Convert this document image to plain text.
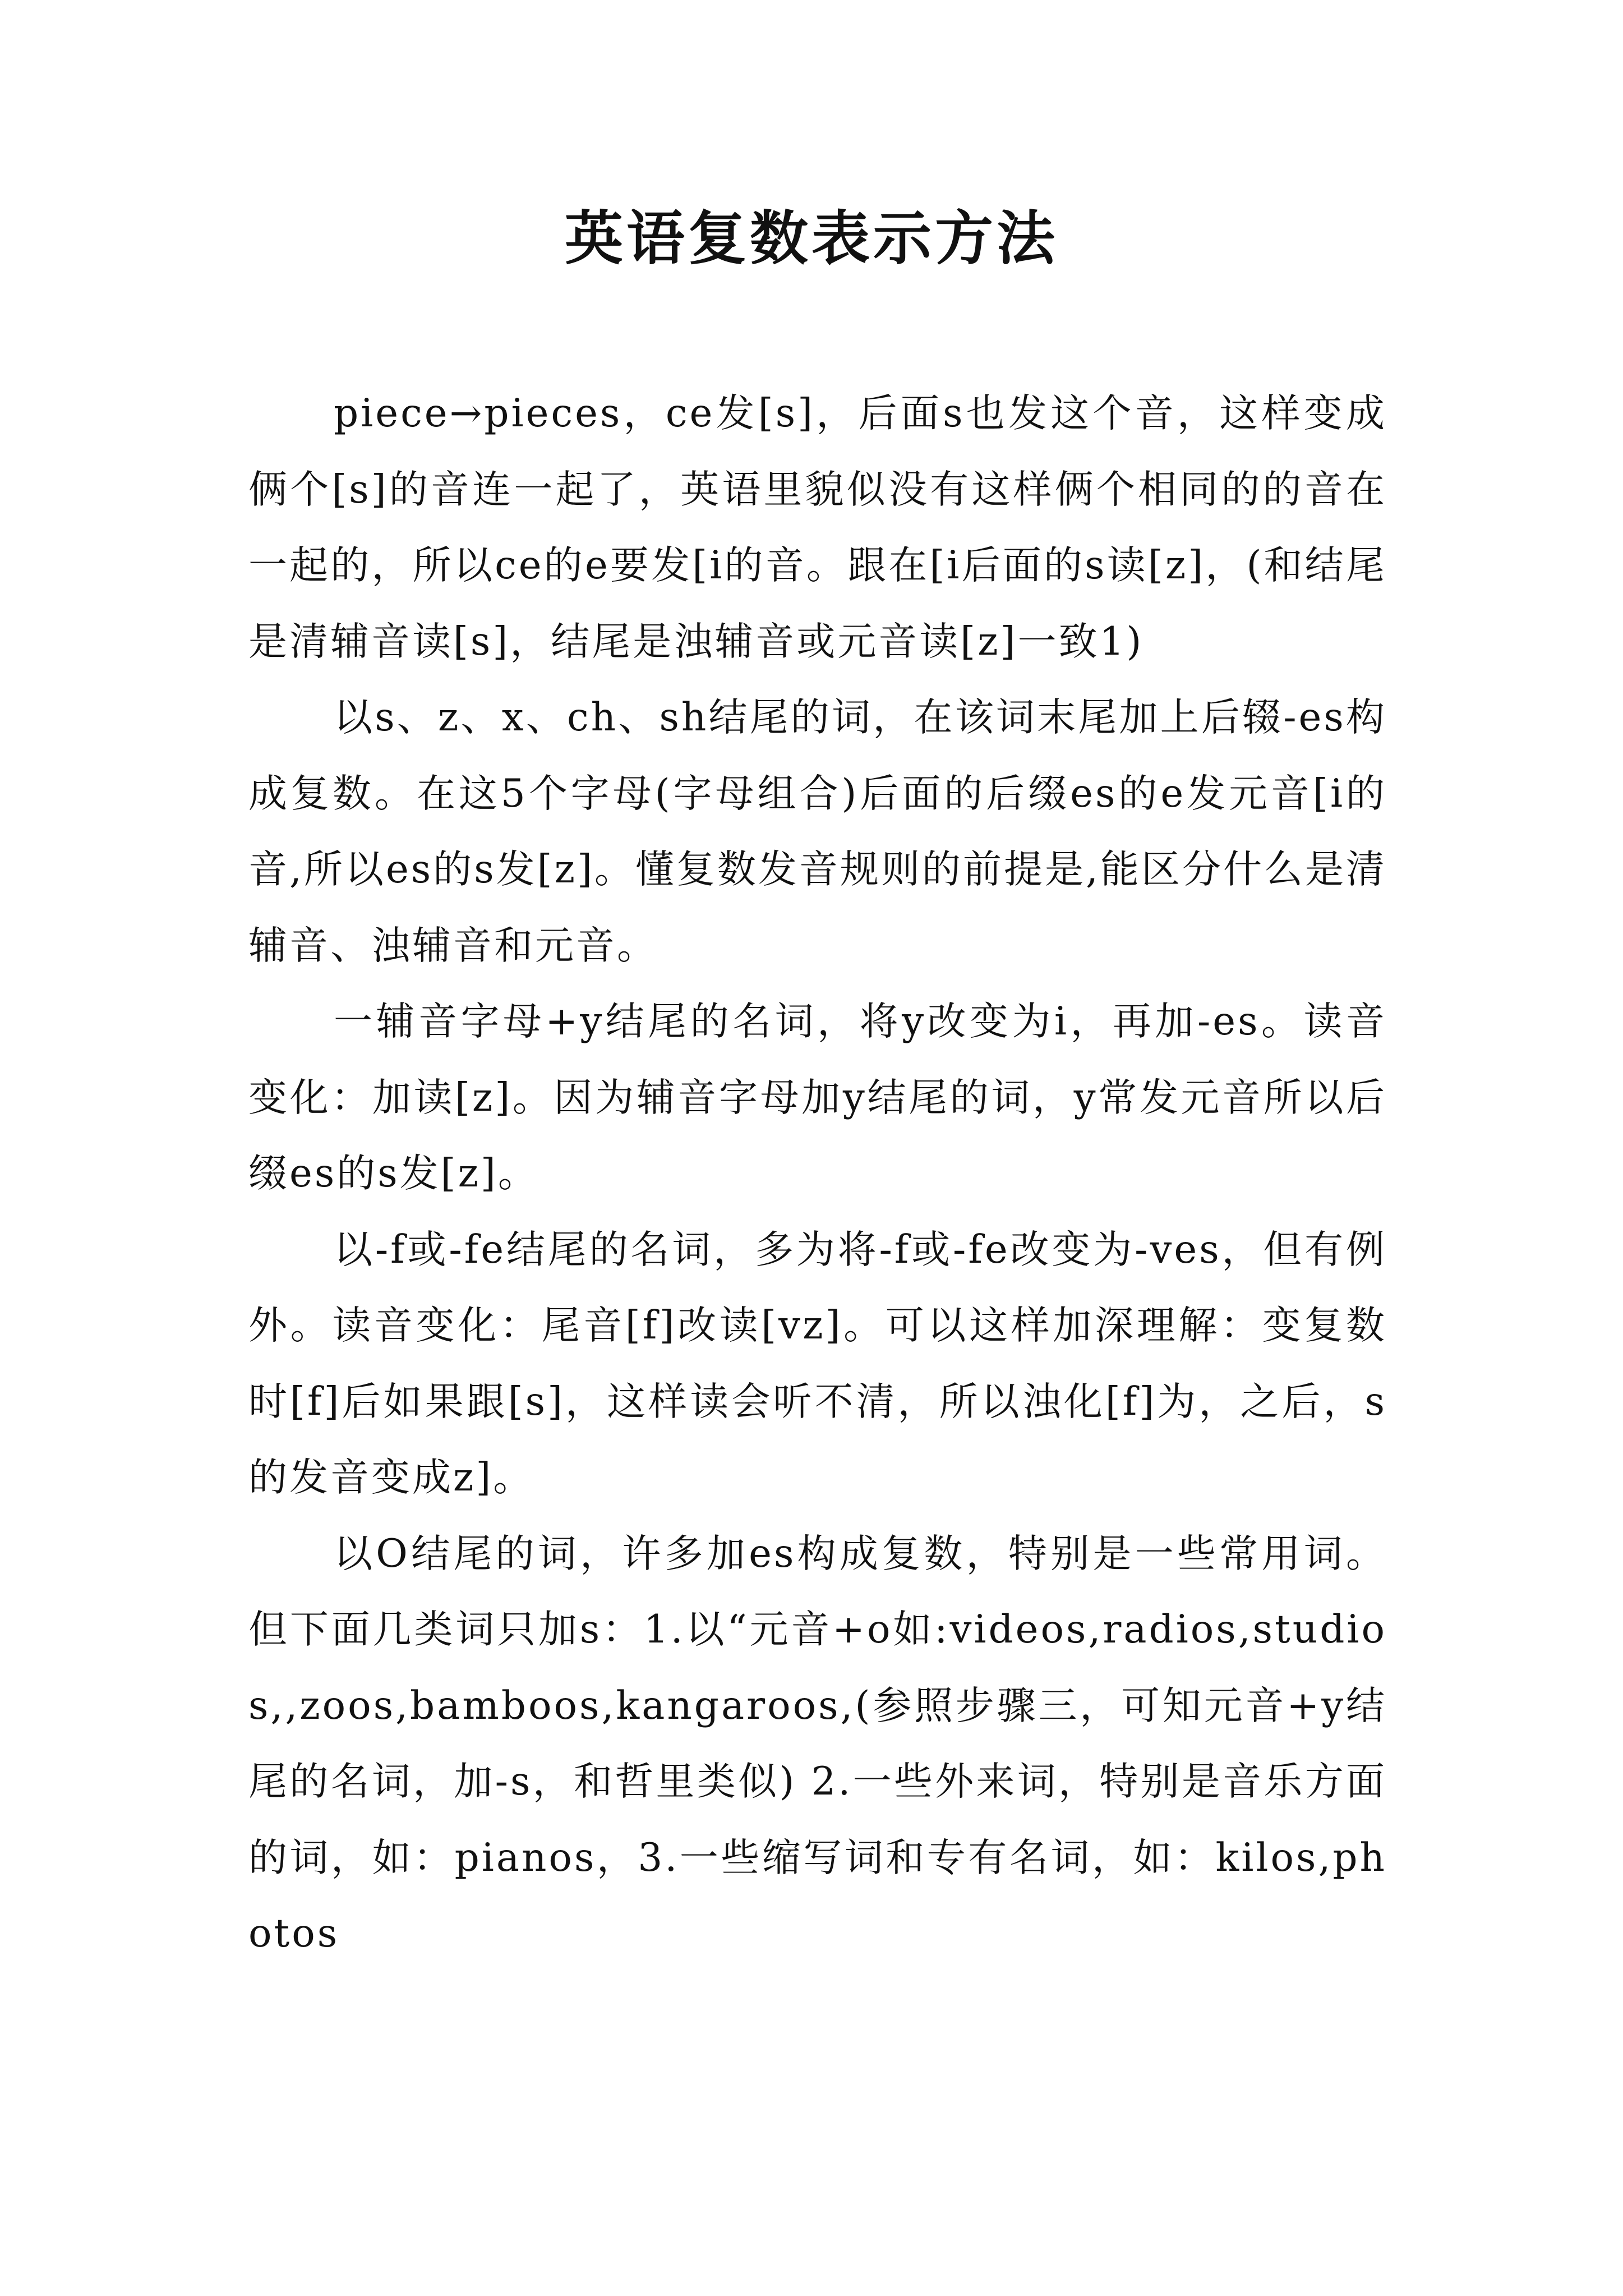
英语复数表示方法

piece→pieces，ce发[s]，后面s也发这个音，这样变成俩个[s]的音连一起了，英语里貌似没有这样俩个相同的的音在一起的，所以ce的e要发[i的音。跟在[i后面的s读[z]，(和结尾是清辅音读[s]，结尾是浊辅音或元音读[z]一致1)

以s、z、x、ch、sh结尾的词，在该词末尾加上后辍-es构成复数。在这5个字母(字母组合)后面的后缀es的e发元音[i的音,所以es的s发[z]。懂复数发音规则的前提是,能区分什么是清辅音、浊辅音和元音。

一辅音字母+y结尾的名词，将y改变为i，再加-es。读音变化：加读[z]。因为辅音字母加y结尾的词，y常发元音所以后缀es的s发[z]。

以-f或-fe结尾的名词，多为将-f或-fe改变为-ves，但有例外。读音变化：尾音[f]改读[vz]。可以这样加深理解：变复数时[f]后如果跟[s]，这样读会听不清，所以浊化[f]为，之后，s的发音变成z]。

以O结尾的词，许多加es构成复数，特别是一些常用词。但下面几类词只加s：1.以“元音+o如:videos,radios,studios,,zoos,bamboos,kangaroos,(参照步骤三，可知元音+y结尾的名词，加-s，和哲里类似) 2.一些外来词，特别是音乐方面的词，如：pianos，3.一些缩写词和专有名词，如：kilos,photos
